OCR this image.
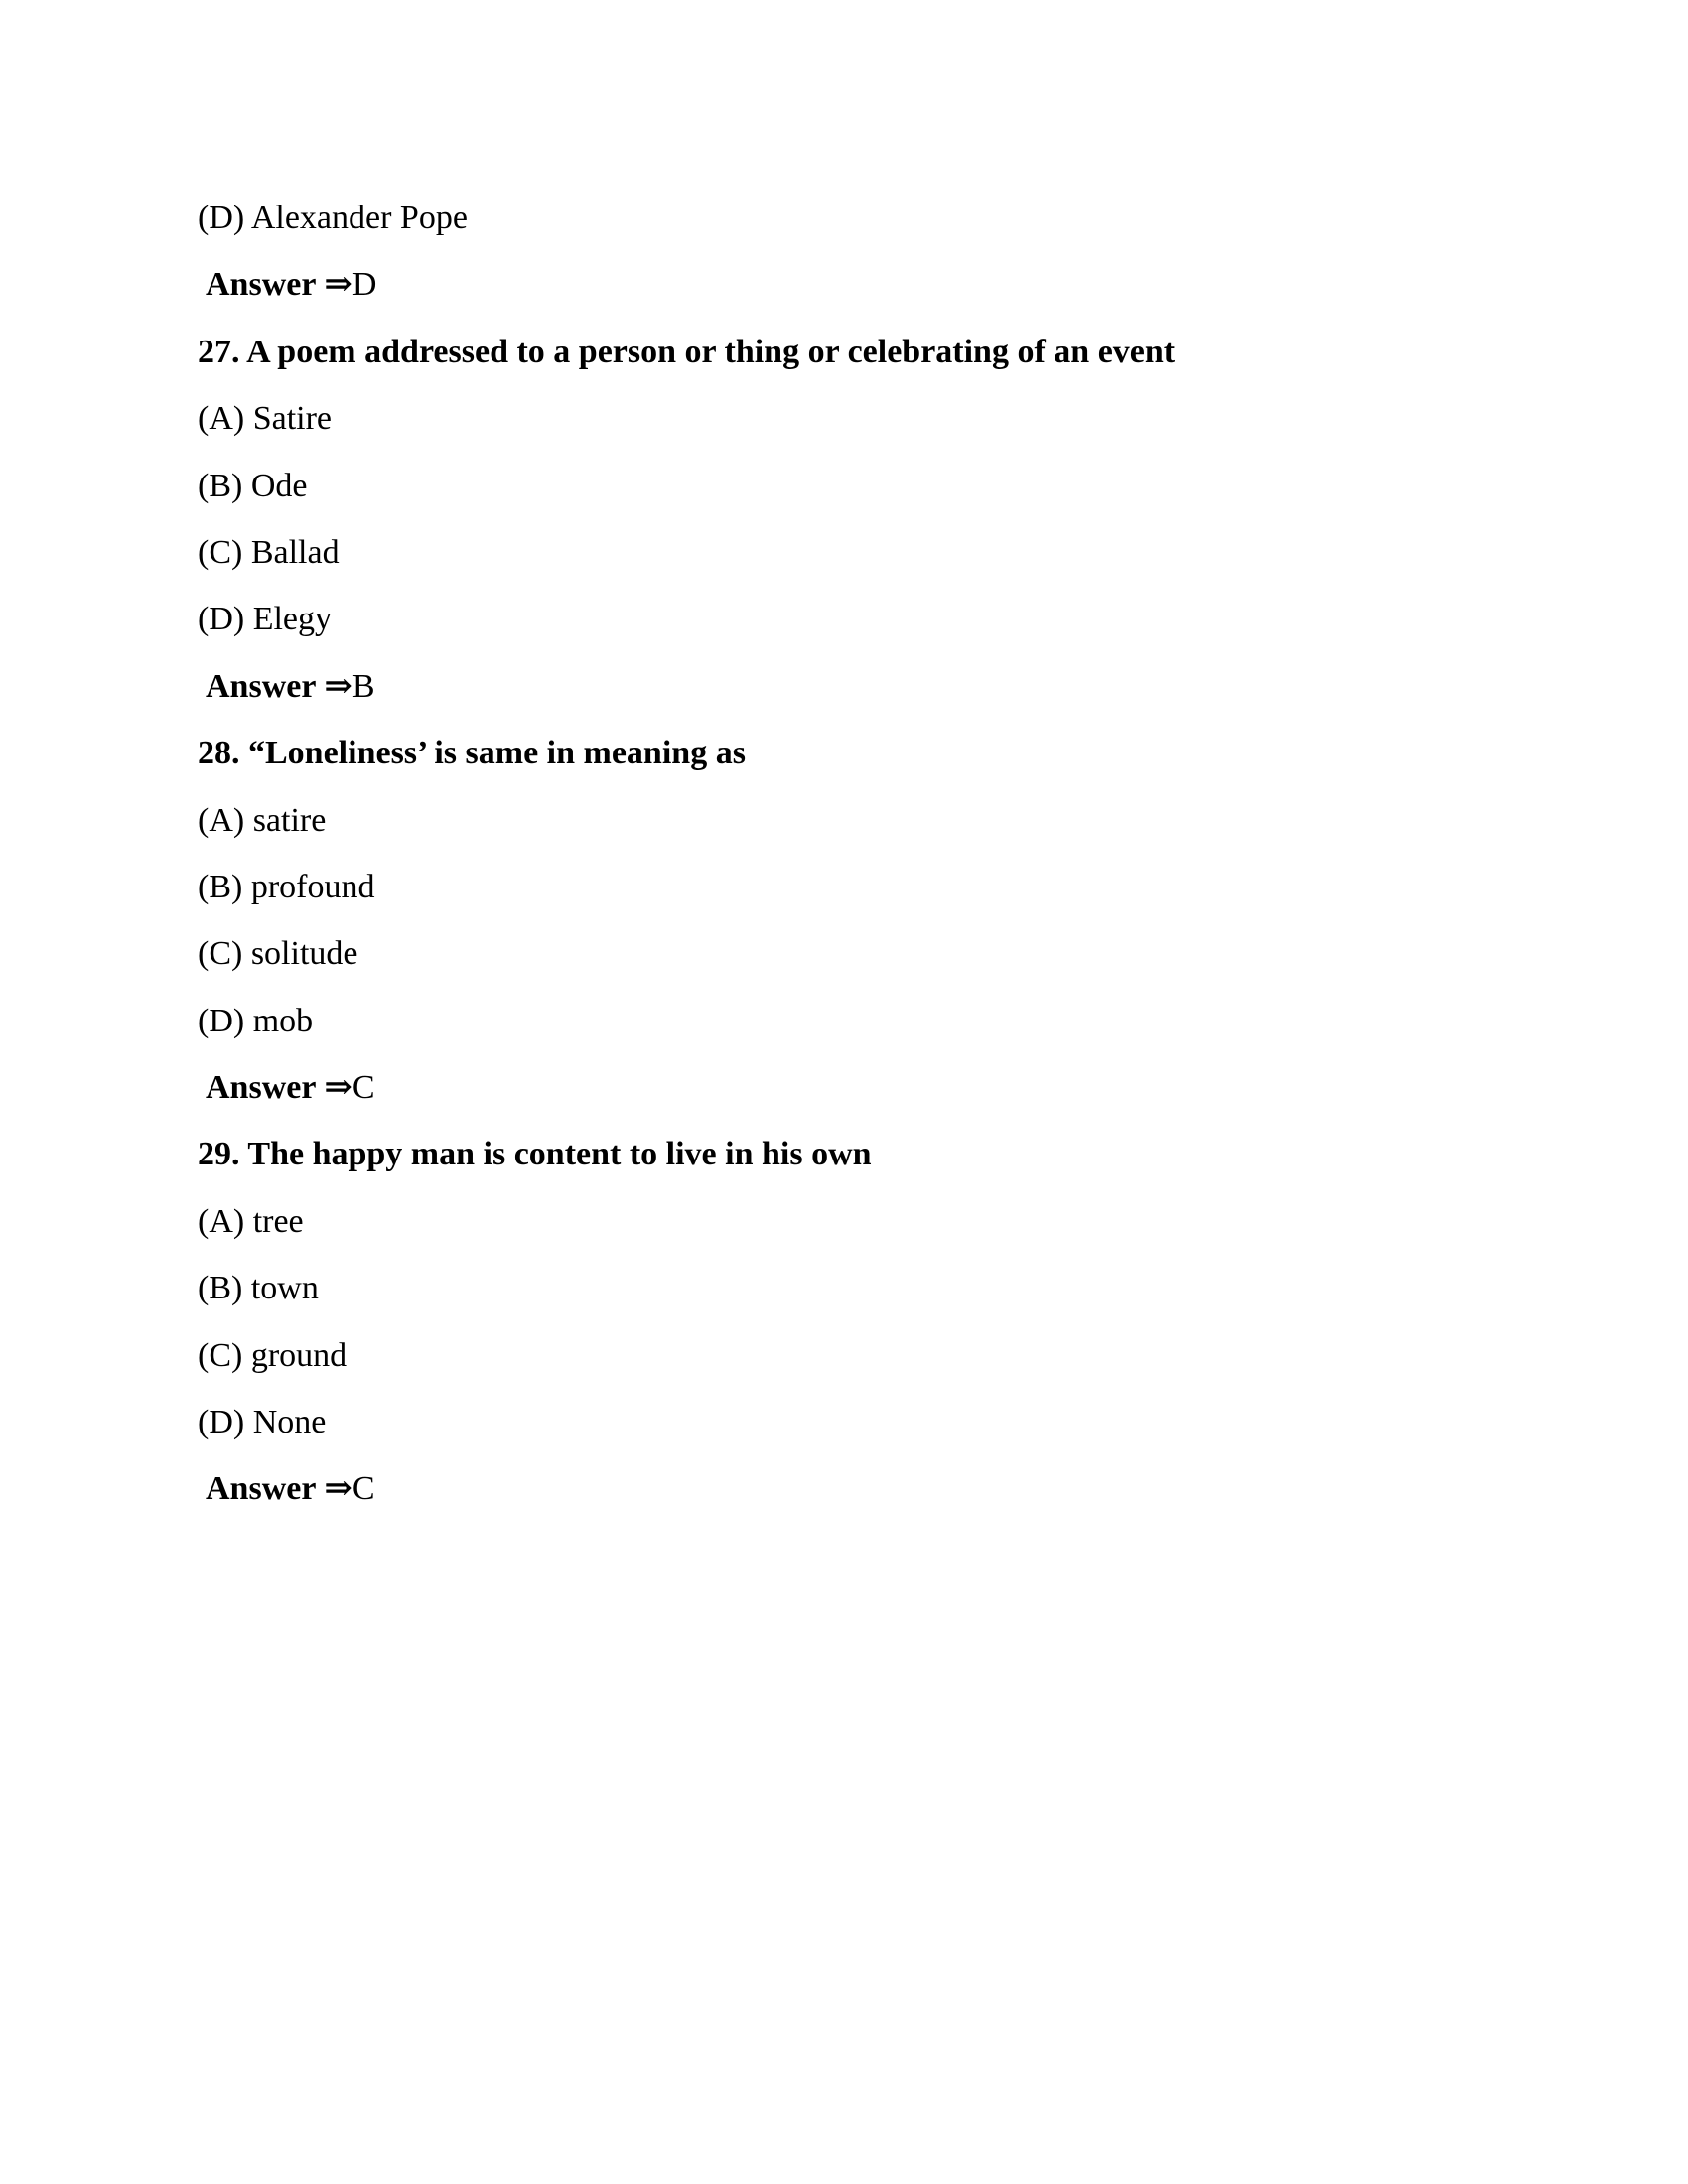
(D) Alexander Pope
Answer ⇒D
27. A poem addressed to a person or thing or celebrating of an event
(A) Satire
(B) Ode
(C) Ballad
(D) Elegy
Answer ⇒B
28. “Loneliness’ is same in meaning as
(A) satire
(B) profound
(C) solitude
(D) mob
Answer ⇒C
29. The happy man is content to live in his own
(A) tree
(B) town
(C) ground
(D) None
Answer ⇒C
